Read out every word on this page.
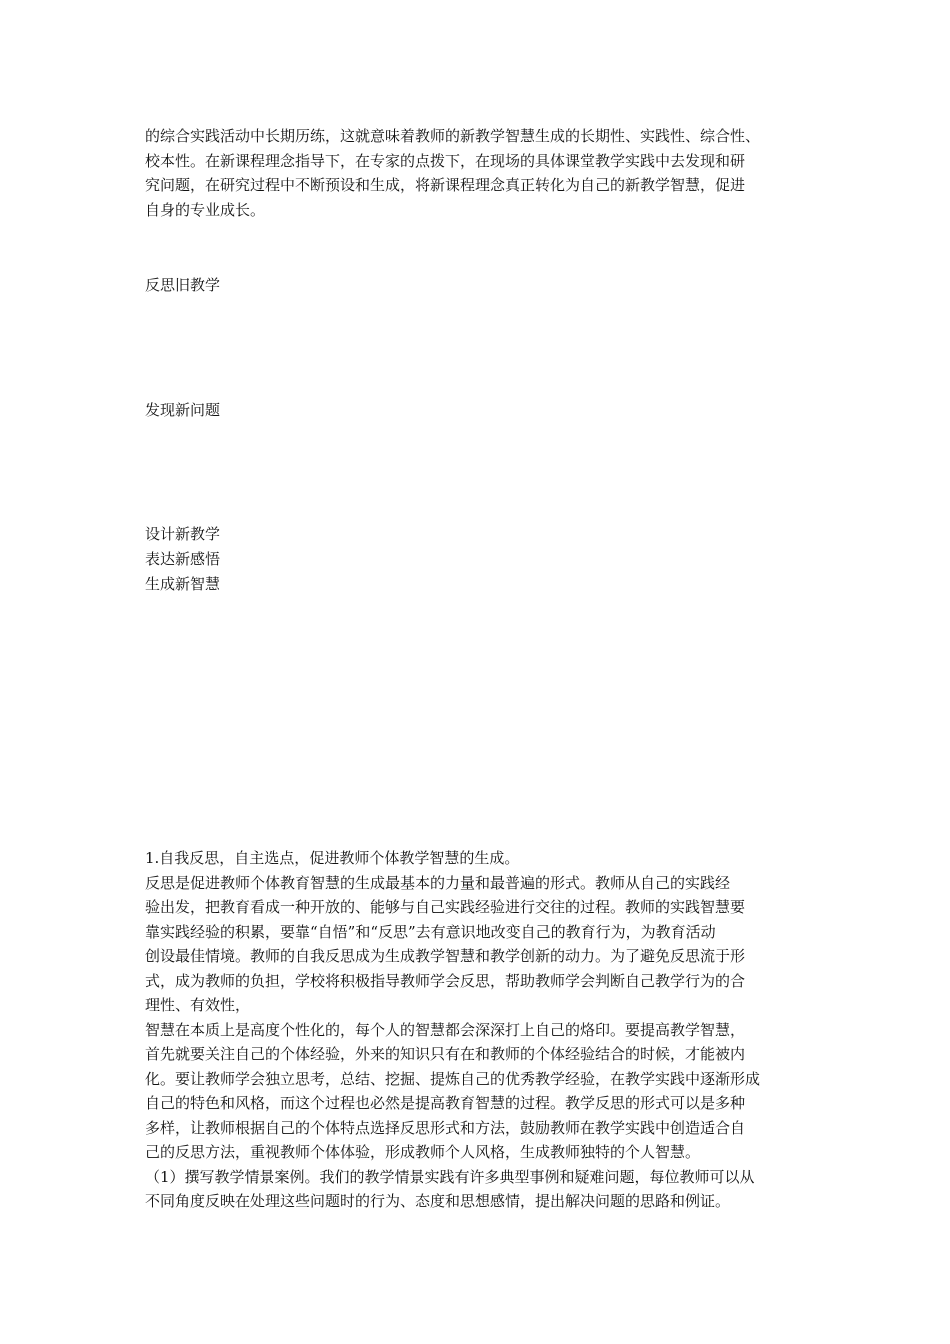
的综合实践活动中长期历练，这就意味着教师的新教学智慧生成的长期性、实践性、综合性、
校本性。在新课程理念指导下，在专家的点拨下，在现场的具体课堂教学实践中去发现和研
究问题，在研究过程中不断预设和生成，将新课程理念真正转化为自己的新教学智慧，促进
自身的专业成长。
反思旧教学
发现新问题
设计新教学
表达新感悟
生成新智慧
1.自我反思，自主选点，促进教师个体教学智慧的生成。
反思是促进教师个体教育智慧的生成最基本的力量和最普遍的形式。教师从自己的实践经
验出发，把教育看成一种开放的、能够与自己实践经验进行交往的过程。教师的实践智慧要
靠实践经验的积累，要靠“自悟”和“反思”去有意识地改变自己的教育行为，为教育活动
创设最佳情境。教师的自我反思成为生成教学智慧和教学创新的动力。为了避免反思流于形
式，成为教师的负担，学校将积极指导教师学会反思，帮助教师学会判断自己教学行为的合
理性、有效性，
智慧在本质上是高度个性化的，每个人的智慧都会深深打上自己的烙印。要提高教学智慧，
首先就要关注自己的个体经验，外来的知识只有在和教师的个体经验结合的时候，才能被内
化。要让教师学会独立思考，总结、挖掘、提炼自己的优秀教学经验，在教学实践中逐渐形成
自己的特色和风格，而这个过程也必然是提高教育智慧的过程。教学反思的形式可以是多种
多样，让教师根据自己的个体特点选择反思形式和方法，鼓励教师在教学实践中创造适合自
己的反思方法，重视教师个体体验，形成教师个人风格，生成教师独特的个人智慧。
（1）撰写教学情景案例。我们的教学情景实践有许多典型事例和疑难问题，每位教师可以从
不同角度反映在处理这些问题时的行为、态度和思想感情，提出解决问题的思路和例证。
